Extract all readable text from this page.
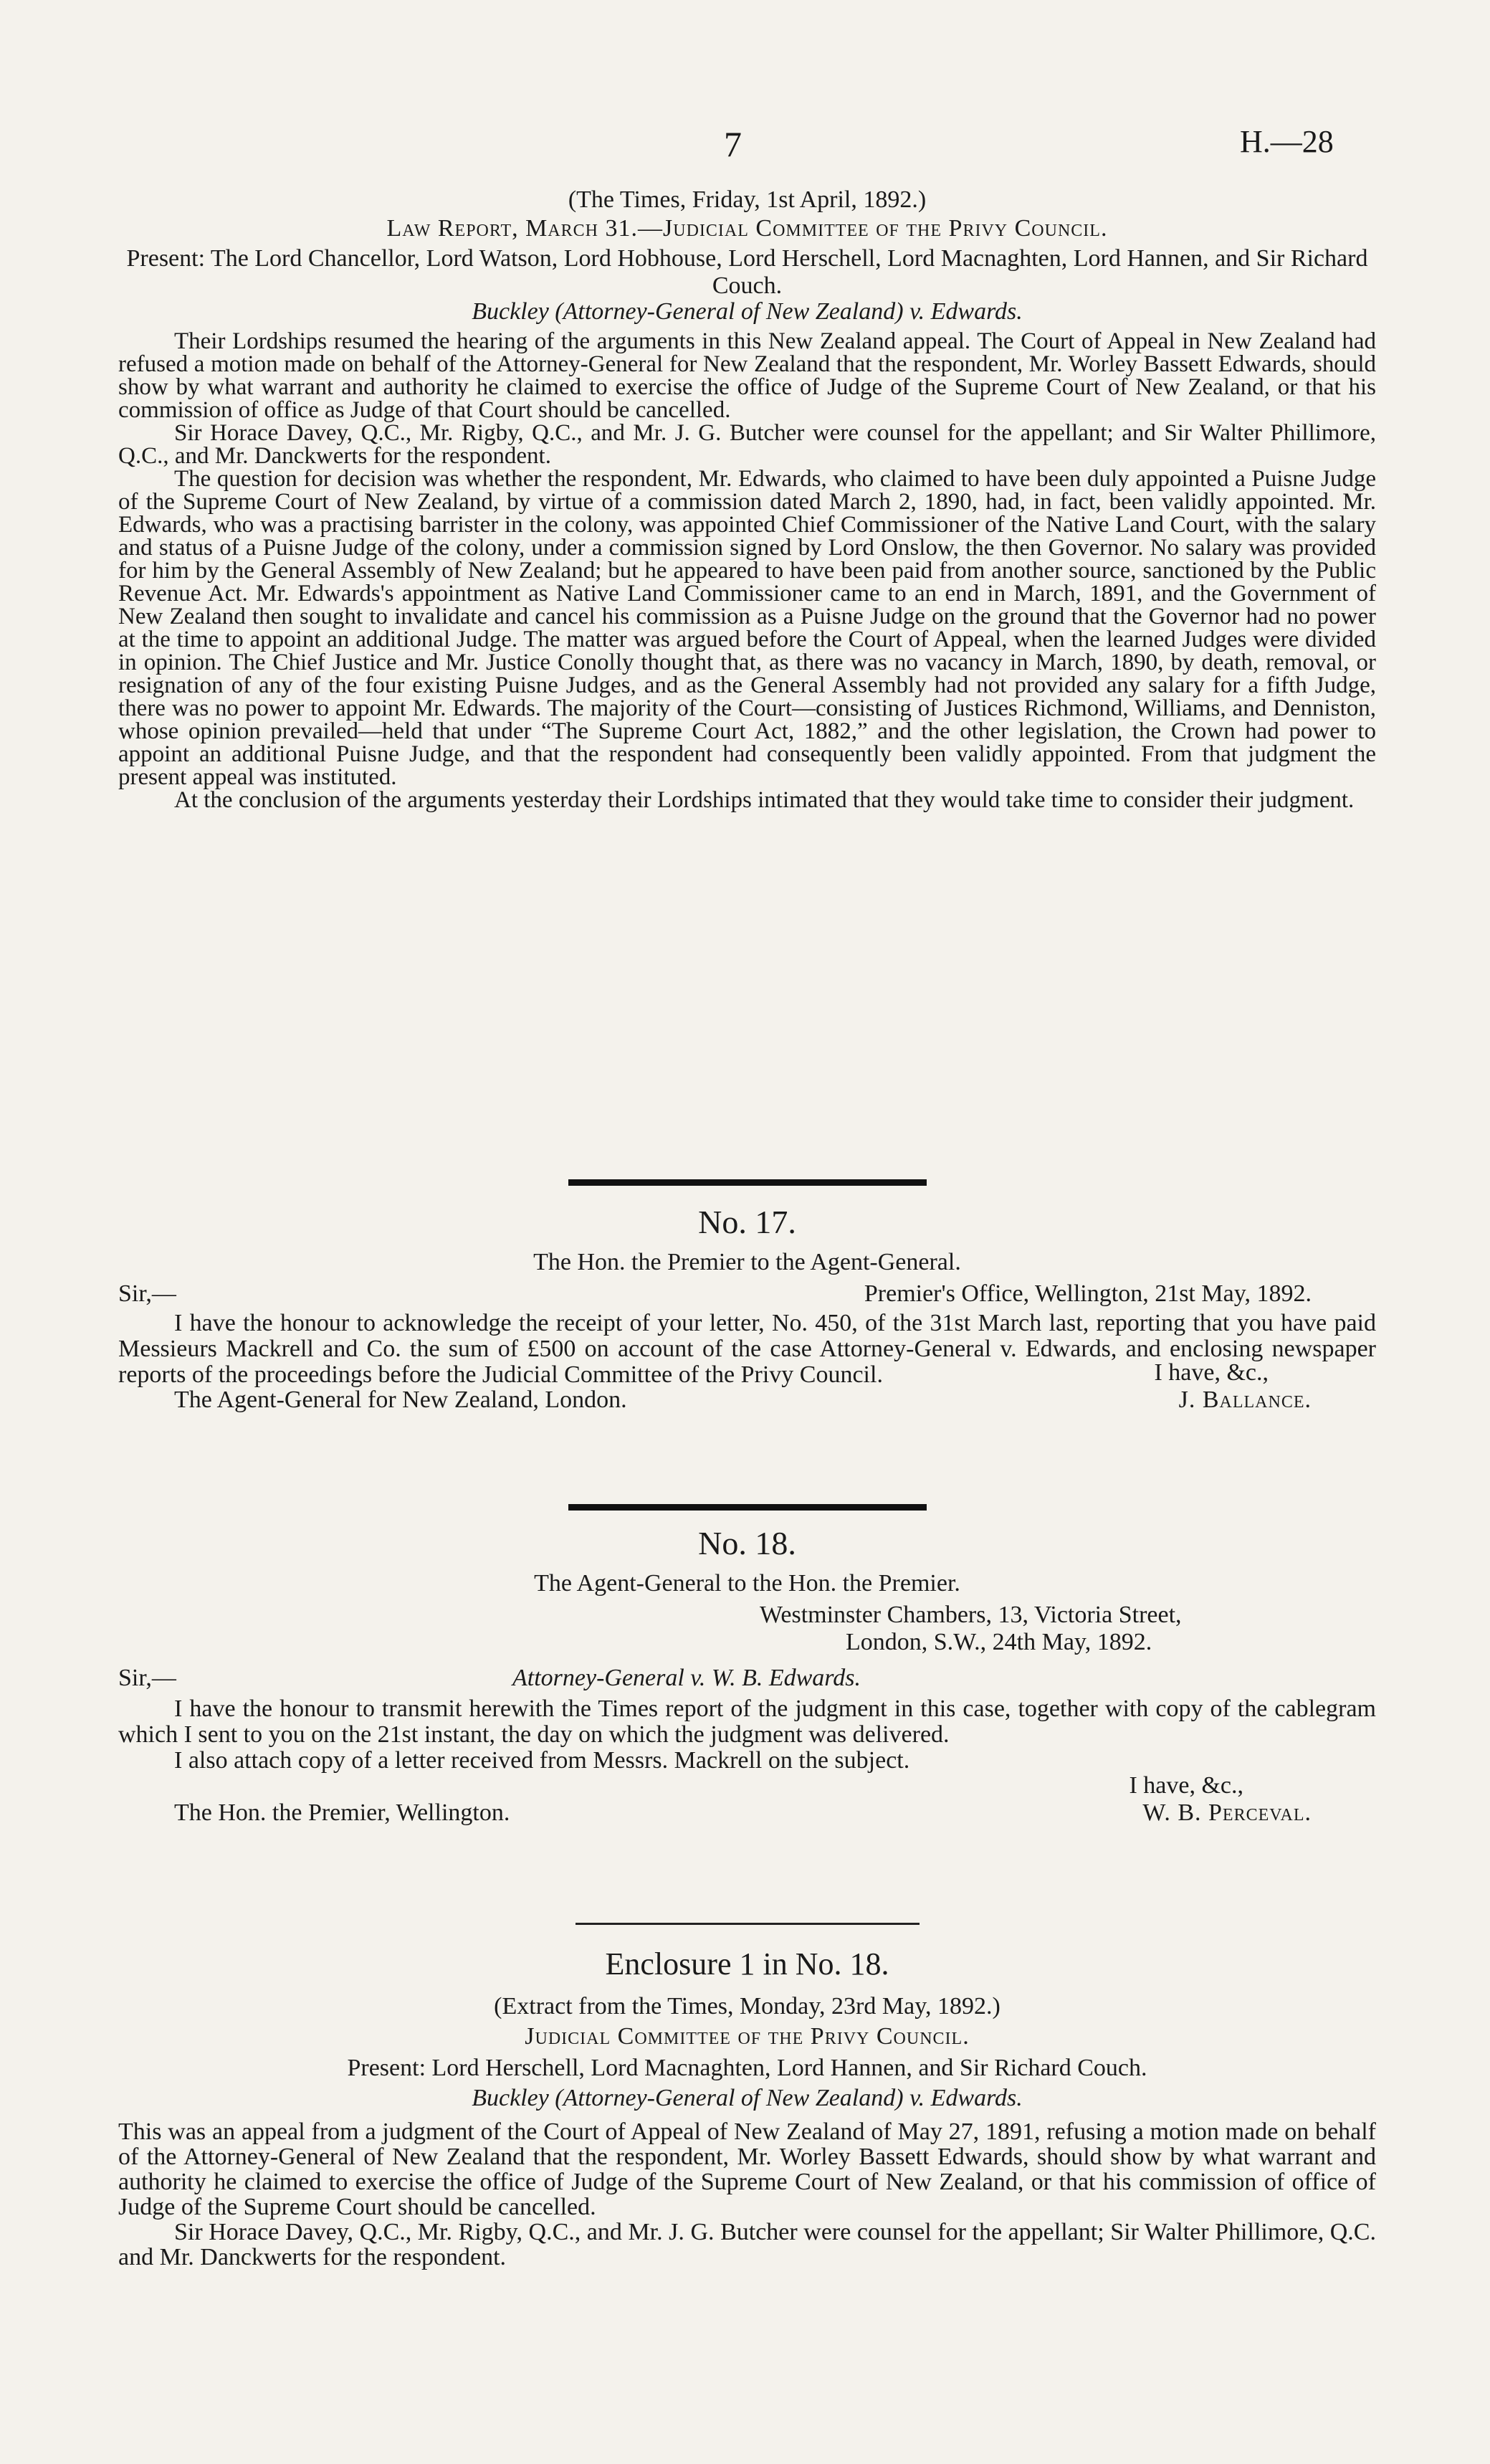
7	H.—28
(The Times, Friday, 1st April, 1892.)
Law Report, March 31.—Judicial Committee of the Privy Council.
Present: The Lord Chancellor, Lord Watson, Lord Hobhouse, Lord Herschell, Lord Macnaghten, Lord Hannen, and Sir Richard Couch.
Buckley (Attorney-General of New Zealand) v. Edwards.
Their Lordships resumed the hearing of the arguments in this New Zealand appeal. The Court of Appeal in New Zealand had refused a motion made on behalf of the Attorney-General for New Zealand that the respondent, Mr. Worley Bassett Edwards, should show by what warrant and authority he claimed to exercise the office of Judge of the Supreme Court of New Zealand, or that his commission of office as Judge of that Court should be cancelled.
Sir Horace Davey, Q.C., Mr. Rigby, Q.C., and Mr. J. G. Butcher were counsel for the appellant; and Sir Walter Phillimore, Q.C., and Mr. Danckwerts for the respondent.
The question for decision was whether the respondent, Mr. Edwards, who claimed to have been duly appointed a Puisne Judge of the Supreme Court of New Zealand, by virtue of a commission dated March 2, 1890, had, in fact, been validly appointed. Mr. Edwards, who was a practising barrister in the colony, was appointed Chief Commissioner of the Native Land Court, with the salary and status of a Puisne Judge of the colony, under a commission signed by Lord Onslow, the then Governor. No salary was provided for him by the General Assembly of New Zealand; but he appeared to have been paid from another source, sanctioned by the Public Revenue Act. Mr. Edwards's appointment as Native Land Commissioner came to an end in March, 1891, and the Government of New Zealand then sought to invalidate and cancel his commission as a Puisne Judge on the ground that the Governor had no power at the time to appoint an additional Judge. The matter was argued before the Court of Appeal, when the learned Judges were divided in opinion. The Chief Justice and Mr. Justice Conolly thought that, as there was no vacancy in March, 1890, by death, removal, or resignation of any of the four existing Puisne Judges, and as the General Assembly had not provided any salary for a fifth Judge, there was no power to appoint Mr. Edwards. The majority of the Court—consisting of Justices Richmond, Williams, and Denniston, whose opinion prevailed—held that under “The Supreme Court Act, 1882,” and the other legislation, the Crown had power to appoint an additional Puisne Judge, and that the respondent had consequently been validly appointed. From that judgment the present appeal was instituted.
At the conclusion of the arguments yesterday their Lordships intimated that they would take time to consider their judgment.
No. 17.
The Hon. the Premier to the Agent-General.
Sir,—	Premier's Office, Wellington, 21st May, 1892.
I have the honour to acknowledge the receipt of your letter, No. 450, of the 31st March last, reporting that you have paid Messieurs Mackrell and Co. the sum of £500 on account of the case Attorney-General v. Edwards, and enclosing newspaper reports of the proceedings before the Judicial Committee of the Privy Council.	I have, &c.,
The Agent-General for New Zealand, London.	J. Ballance.
No. 18.
The Agent-General to the Hon. the Premier.
Westminster Chambers, 13, Victoria Street,
London, S.W., 24th May, 1892.
Sir,—	Attorney-General v. W. B. Edwards.
I have the honour to transmit herewith the Times report of the judgment in this case, together with copy of the cablegram which I sent to you on the 21st instant, the day on which the judgment was delivered.
I also attach copy of a letter received from Messrs. Mackrell on the subject.
I have, &c.,
The Hon. the Premier, Wellington.	W. B. Perceval.
Enclosure 1 in No. 18.
(Extract from the Times, Monday, 23rd May, 1892.)
Judicial Committee of the Privy Council.
Present: Lord Herschell, Lord Macnaghten, Lord Hannen, and Sir Richard Couch.
Buckley (Attorney-General of New Zealand) v. Edwards.
This was an appeal from a judgment of the Court of Appeal of New Zealand of May 27, 1891, refusing a motion made on behalf of the Attorney-General of New Zealand that the respondent, Mr. Worley Bassett Edwards, should show by what warrant and authority he claimed to exercise the office of Judge of the Supreme Court of New Zealand, or that his commission of office of Judge of the Supreme Court should be cancelled.
Sir Horace Davey, Q.C., Mr. Rigby, Q.C., and Mr. J. G. Butcher were counsel for the appellant; Sir Walter Phillimore, Q.C. and Mr. Danckwerts for the respondent.
